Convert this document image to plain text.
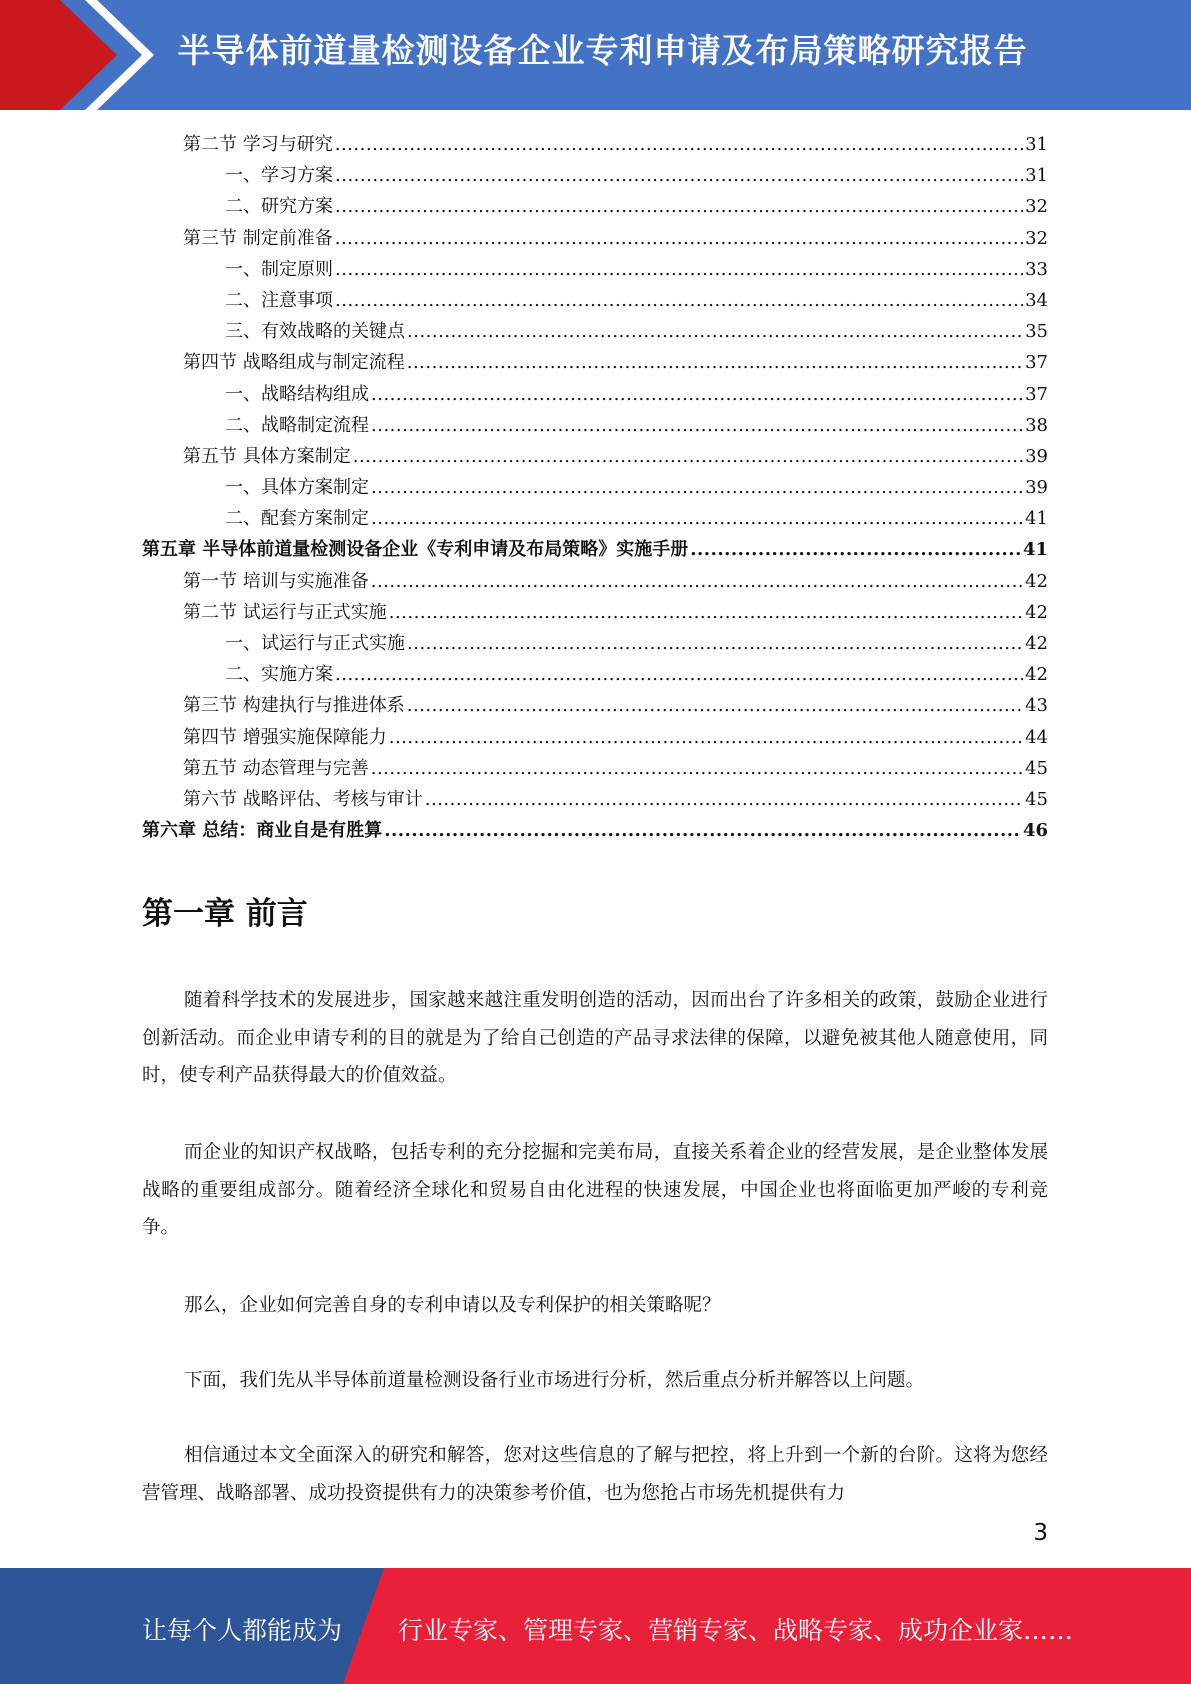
半导体前道量检测设备企业专利申请及布局策略研究报告
第二节 学习与研究 .....	31
一、学习方案 .....	31
二、研究方案 .....	32
第三节 制定前准备 .....	32
一、制定原则 .....	33
二、注意事项 .....	34
三、有效战略的关键点 .....	35
第四节 战略组成与制定流程 .....	37
一、战略结构组成 .....	37
二、战略制定流程 .....	38
第五节 具体方案制定 .....	39
一、具体方案制定 .....	39
二、配套方案制定 .....	41
第五章 半导体前道量检测设备企业《专利申请及布局策略》实施手册 .....	41
第一节 培训与实施准备 .....	42
第二节 试运行与正式实施 .....	42
一、试运行与正式实施 .....	42
二、实施方案 .....	42
第三节 构建执行与推进体系 .....	43
第四节 增强实施保障能力 .....	44
第五节 动态管理与完善 .....	45
第六节 战略评估、考核与审计 .....	45
第六章 总结：商业自是有胜算 .....	46
第一章 前言

随着科学技术的发展进步，国家越来越注重发明创造的活动，因而出台了许多相关的政策，鼓励企业进行创新活动。而企业申请专利的目的就是为了给自己创造的产品寻求法律的保障，以避免被其他人随意使用，同时，使专利产品获得最大的价值效益。

而企业的知识产权战略，包括专利的充分挖掘和完美布局，直接关系着企业的经营发展，是企业整体发展战略的重要组成部分。随着经济全球化和贸易自由化进程的快速发展，中国企业也将面临更加严峻的专利竞争。

那么，企业如何完善自身的专利申请以及专利保护的相关策略呢？

下面，我们先从半导体前道量检测设备行业市场进行分析，然后重点分析并解答以上问题。

相信通过本文全面深入的研究和解答，您对这些信息的了解与把控，将上升到一个新的台阶。这将为您经营管理、战略部署、成功投资提供有力的决策参考价值，也为您抢占市场先机提供有力

3
让每个人都能成为 行业专家、管理专家、营销专家、战略专家、成功企业家……
